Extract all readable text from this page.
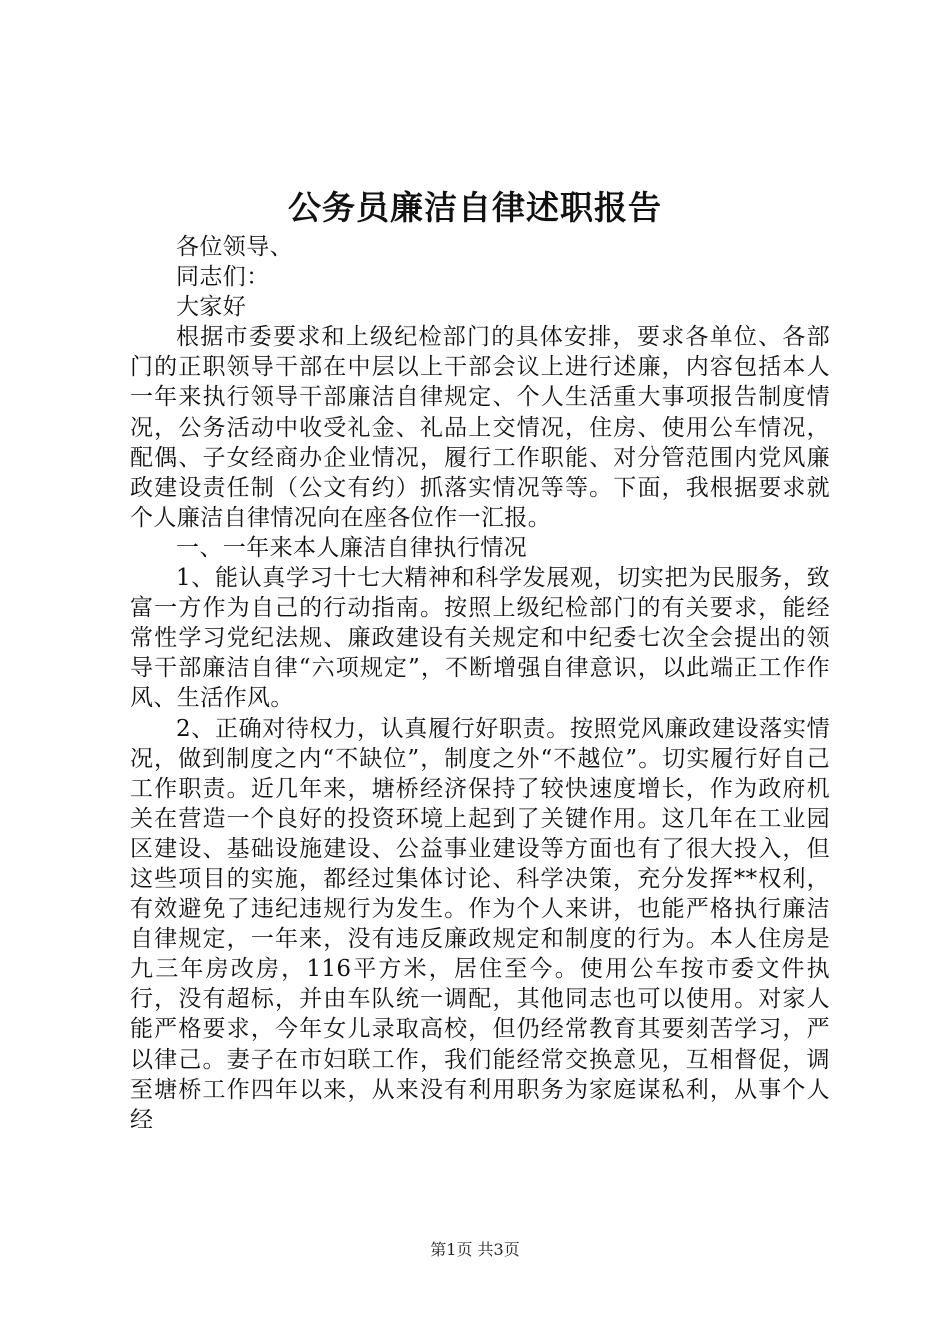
公务员廉洁自律述职报告

各位领导、

同志们：

大家好

根据市委要求和上级纪检部门的具体安排，要求各单位、各部门的正职领导干部在中层以上干部会议上进行述廉，内容包括本人一年来执行领导干部廉洁自律规定、个人生活重大事项报告制度情况，公务活动中收受礼金、礼品上交情况，住房、使用公车情况，配偶、子女经商办企业情况，履行工作职能、对分管范围内党风廉政建设责任制（公文有约）抓落实情况等等。下面，我根据要求就个人廉洁自律情况向在座各位作一汇报。

一、一年来本人廉洁自律执行情况

1、能认真学习十七大精神和科学发展观，切实把为民服务，致富一方作为自己的行动指南。按照上级纪检部门的有关要求，能经常性学习党纪法规、廉政建设有关规定和中纪委七次全会提出的领导干部廉洁自律“六项规定”，不断增强自律意识，以此端正工作作风、生活作风。

2、正确对待权力，认真履行好职责。按照党风廉政建设落实情况，做到制度之内“不缺位”，制度之外“不越位”。切实履行好自己工作职责。近几年来，塘桥经济保持了较快速度增长，作为政府机关在营造一个良好的投资环境上起到了关键作用。这几年在工业园区建设、基础设施建设、公益事业建设等方面也有了很大投入，但这些项目的实施，都经过集体讨论、科学决策，充分发挥**权利，有效避免了违纪违规行为发生。作为个人来讲，也能严格执行廉洁自律规定，一年来，没有违反廉政规定和制度的行为。本人住房是九三年房改房，116平方米，居住至今。使用公车按市委文件执行，没有超标，并由车队统一调配，其他同志也可以使用。对家人能严格要求，今年女儿录取高校，但仍经常教育其要刻苦学习，严以律己。妻子在市妇联工作，我们能经常交换意见，互相督促，调至塘桥工作四年以来，从来没有利用职务为家庭谋私利，从事个人经

第1页 共3页
